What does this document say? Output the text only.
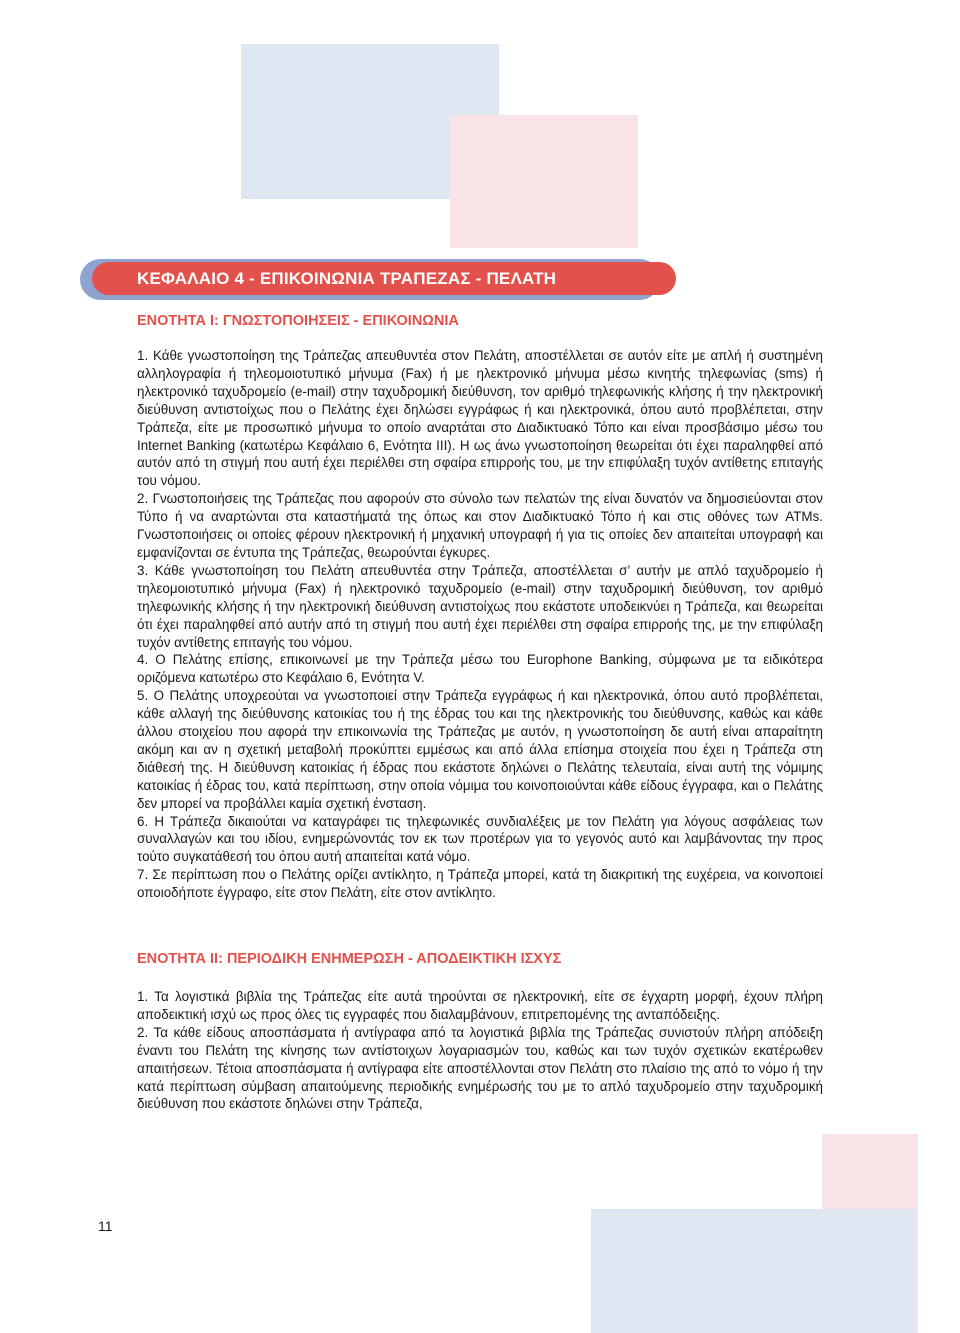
ΚΕΦΑΛΑΙΟ 4 - ΕΠΙΚΟΙΝΩΝΙΑ ΤΡΑΠΕΖΑΣ - ΠΕΛΑΤΗ
ΕΝΟΤΗΤΑ Ι: ΓΝΩΣΤΟΠΟΙΗΣΕΙΣ - ΕΠΙΚΟΙΝΩΝΙΑ

1. Κάθε γνωστοποίηση της Τράπεζας απευθυντέα στον Πελάτη, αποστέλλεται σε αυτόν είτε με απλή ή συστημένη αλληλογραφία ή τηλεομοιοτυπικό μήνυμα (Fax) ή με ηλεκτρονικό μήνυμα μέσω κινητής τηλεφωνίας (sms) ή ηλεκτρονικό ταχυδρομείο (e-mail) στην ταχυδρομική διεύθυνση, τον αριθμό τηλεφωνικής κλήσης ή την ηλεκτρονική διεύθυνση αντιστοίχως που ο Πελάτης έχει δηλώσει εγγράφως ή και ηλεκτρονικά, όπου αυτό προβλέπεται, στην Τράπεζα, είτε με προσωπικό μήνυμα το οποίο αναρτάται στο Διαδικτυακό Τόπο και είναι προσβάσιμο μέσω του Internet Banking (κατωτέρω Κεφάλαιο 6, Ενότητα ΙΙΙ). Η ως άνω γνωστοποίηση θεωρείται ότι έχει παραληφθεί από αυτόν από τη στιγμή που αυτή έχει περιέλθει στη σφαίρα επιρροής του, με την επιφύλαξη τυχόν αντίθετης επιταγής του νόμου.

2. Γνωστοποιήσεις της Τράπεζας που αφορούν στο σύνολο των πελατών της είναι δυνατόν να δημοσιεύονται στον Τύπο ή να αναρτώνται στα καταστήματά της όπως και στον Διαδικτυακό Τόπο ή και στις οθόνες των ATMs. Γνωστοποιήσεις οι οποίες φέρουν ηλεκτρονική ή μηχανική υπογραφή ή για τις οποίες δεν απαιτείται υπογραφή και εμφανίζονται σε έντυπα της Τράπεζας, θεωρούνται έγκυρες.

3. Κάθε γνωστοποίηση του Πελάτη απευθυντέα στην Τράπεζα, αποστέλλεται σ’ αυτήν με απλό ταχυδρομείο ή τηλεομοιοτυπικό μήνυμα (Fax) ή ηλεκτρονικό ταχυδρομείο (e-mail) στην ταχυδρομική διεύθυνση, τον αριθμό τηλεφωνικής κλήσης ή την ηλεκτρονική διεύθυνση αντιστοίχως που εκάστοτε υποδεικνύει η Τράπεζα, και θεωρείται ότι έχει παραληφθεί από αυτήν από τη στιγμή που αυτή έχει περιέλθει στη σφαίρα επιρροής της, με την επιφύλαξη τυχόν αντίθετης επιταγής του νόμου.

4. Ο Πελάτης επίσης, επικοινωνεί με την Τράπεζα μέσω του Europhone Banking, σύμφωνα με τα ειδικότερα οριζόμενα κατωτέρω στο Κεφάλαιο 6, Ενότητα V.

5. Ο Πελάτης υποχρεούται να γνωστοποιεί στην Τράπεζα εγγράφως ή και ηλεκτρονικά, όπου αυτό προβλέπεται, κάθε αλλαγή της διεύθυνσης κατοικίας του ή της έδρας του και της ηλεκτρονικής του διεύθυνσης, καθώς και κάθε άλλου στοιχείου που αφορά την επικοινωνία της Τράπεζας με αυτόν, η γνωστοποίηση δε αυτή είναι απαραίτητη ακόμη και αν η σχετική μεταβολή προκύπτει εμμέσως και από άλλα επίσημα στοιχεία που έχει η Τράπεζα στη διάθεσή της. Η διεύθυνση κατοικίας ή έδρας που εκάστοτε δηλώνει ο Πελάτης τελευταία, είναι αυτή της νόμιμης κατοικίας ή έδρας του, κατά περίπτωση, στην οποία νόμιμα του κοινοποιούνται κάθε είδους έγγραφα, και ο Πελάτης δεν μπορεί να προβάλλει καμία σχετική ένσταση.

6. Η Τράπεζα δικαιούται να καταγράφει τις τηλεφωνικές συνδιαλέξεις με τον Πελάτη για λόγους ασφάλειας των συναλλαγών και του ιδίου, ενημερώνοντάς τον εκ των προτέρων για το γεγονός αυτό και λαμβάνοντας την προς τούτο συγκατάθεσή του όπου αυτή απαιτείται κατά νόμο.

7. Σε περίπτωση που ο Πελάτης ορίζει αντίκλητο, η Τράπεζα μπορεί, κατά τη διακριτική της ευχέρεια, να κοινοποιεί οποιοδήποτε έγγραφο, είτε στον Πελάτη, είτε στον αντίκλητο.

ΕΝΟΤΗΤΑ ΙΙ: ΠΕΡΙΟΔΙΚΗ ΕΝΗΜΕΡΩΣΗ - ΑΠΟΔΕΙΚΤΙΚΗ ΙΣΧΥΣ

1. Τα λογιστικά βιβλία της Τράπεζας είτε αυτά τηρούνται σε ηλεκτρονική, είτε σε έγχαρτη μορφή, έχουν πλήρη αποδεικτική ισχύ ως προς όλες τις εγγραφές που διαλαμβάνουν, επιτρεπομένης της ανταπόδειξης.

2. Τα κάθε είδους αποσπάσματα ή αντίγραφα από τα λογιστικά βιβλία της Τράπεζας συνιστούν πλήρη απόδειξη έναντι του Πελάτη της κίνησης των αντίστοιχων λογαριασμών του, καθώς και των τυχόν σχετικών εκατέρωθεν απαιτήσεων. Τέτοια αποσπάσματα ή αντίγραφα είτε αποστέλλονται στον Πελάτη στο πλαίσιο της από το νόμο ή την κατά περίπτωση σύμβαση απαιτούμενης περιοδικής ενημέρωσής του με το απλό ταχυδρομείο στην ταχυδρομική διεύθυνση που εκάστοτε δηλώνει στην Τράπεζα,

11
